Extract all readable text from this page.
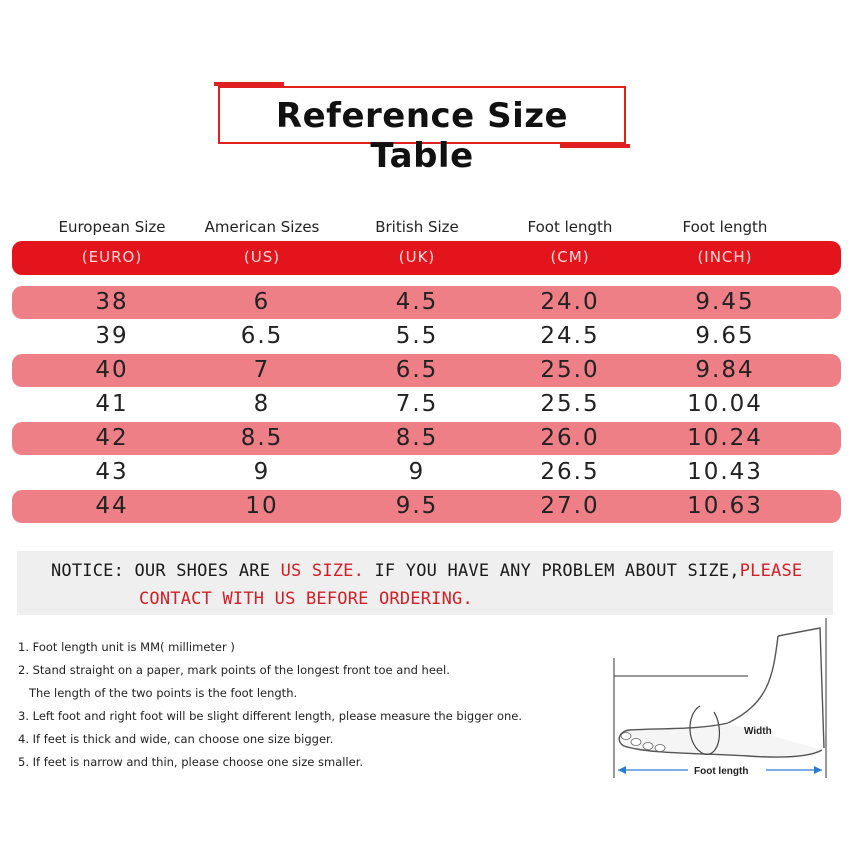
Reference Size Table
European Size	American Sizes	British Size	Foot length	Foot length
(EURO)	(US)	(UK)	(CM)	(INCH)
38	6	4.5	24.0	9.45
39	6.5	5.5	24.5	9.65
40	7	6.5	25.0	9.84
41	8	7.5	25.5	10.04
42	8.5	8.5	26.0	10.24
43	9	9	26.5	10.43
44	10	9.5	27.0	10.63
NOTICE: OUR SHOES ARE US SIZE. IF YOU HAVE ANY PROBLEM ABOUT SIZE,PLEASE
CONTACT WITH US BEFORE ORDERING.
1. Foot length unit is MM( millimeter )
2. Stand straight on a paper, mark points of the longest front toe and heel.
The length of the two points is the foot length.
3. Left foot and right foot will be slight different length, please measure the bigger one.
4. If feet is thick and wide, can choose one size bigger.
5. If feet is narrow and thin, please choose one size smaller.
Width
Foot length
